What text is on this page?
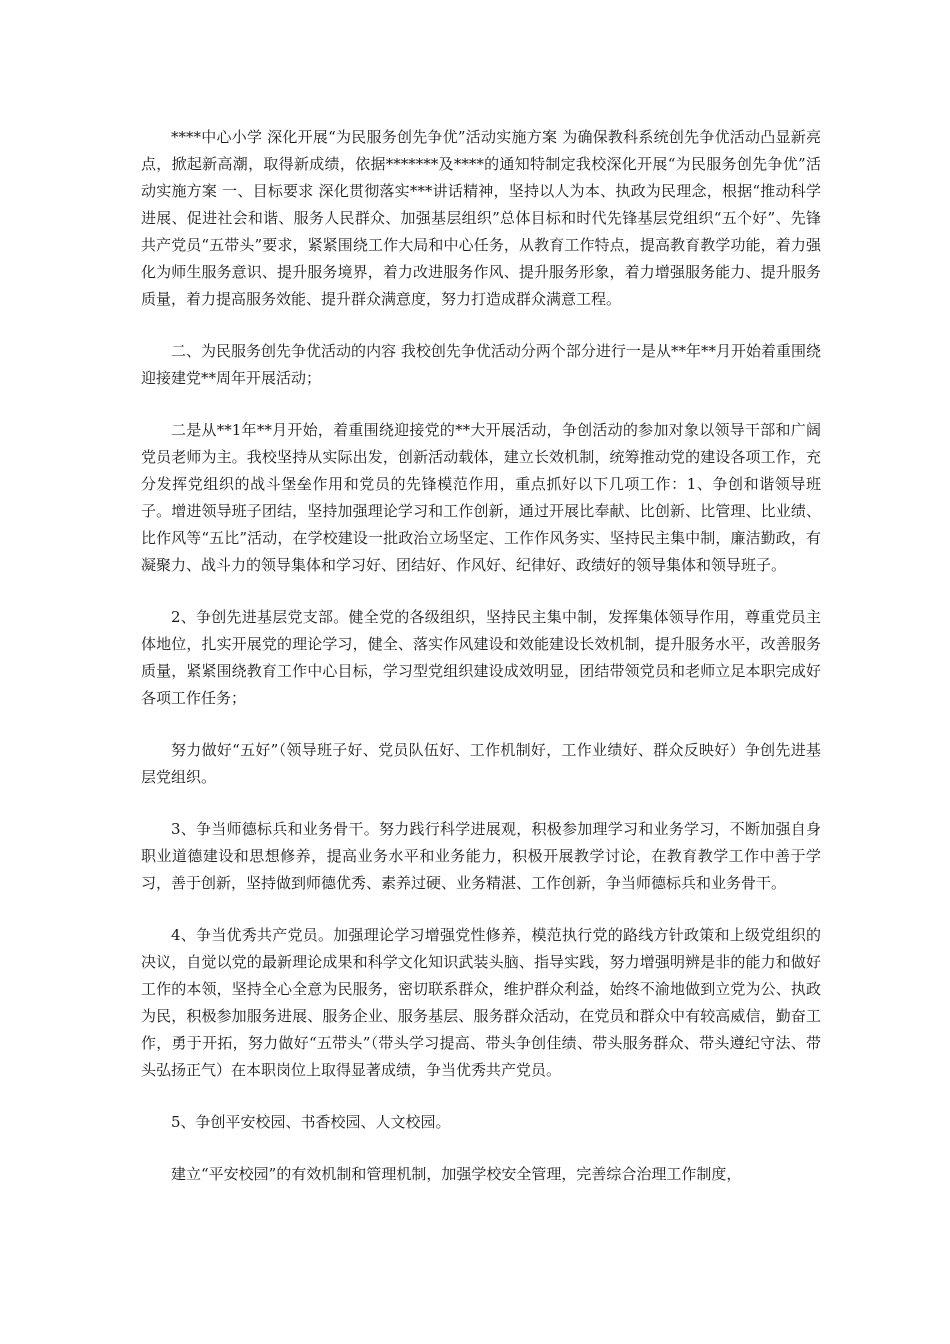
****中心小学 深化开展“为民服务创先争优”活动实施方案 为确保教科系统创先争优活动凸显新亮点，掀起新高潮，取得新成绩，依据*******及****的通知特制定我校深化开展“为民服务创先争优”活动实施方案 一、目标要求 深化贯彻落实***讲话精神，坚持以人为本、执政为民理念，根据“推动科学进展、促进社会和谐、服务人民群众、加强基层组织”总体目标和时代先锋基层党组织“五个好”、先锋共产党员“五带头”要求，紧紧围绕工作大局和中心任务，从教育工作特点，提高教育教学功能，着力强化为师生服务意识、提升服务境界，着力改进服务作风、提升服务形象，着力增强服务能力、提升服务质量，着力提高服务效能、提升群众满意度，努力打造成群众满意工程。

二、为民服务创先争优活动的内容 我校创先争优活动分两个部分进行一是从**年**月开始着重围绕迎接建党**周年开展活动；

二是从**1年**月开始，着重围绕迎接党的**大开展活动，争创活动的参加对象以领导干部和广阔党员老师为主。我校坚持从实际出发，创新活动载体，建立长效机制，统筹推动党的建设各项工作，充分发挥党组织的战斗堡垒作用和党员的先锋模范作用，重点抓好以下几项工作：1、争创和谐领导班子。增进领导班子团结，坚持加强理论学习和工作创新，通过开展比奉献、比创新、比管理、比业绩、比作风等“五比”活动，在学校建设一批政治立场坚定、工作作风务实、坚持民主集中制，廉洁勤政，有凝聚力、战斗力的领导集体和学习好、团结好、作风好、纪律好、政绩好的领导集体和领导班子。

2、争创先进基层党支部。健全党的各级组织，坚持民主集中制，发挥集体领导作用，尊重党员主体地位，扎实开展党的理论学习，健全、落实作风建设和效能建设长效机制，提升服务水平，改善服务质量，紧紧围绕教育工作中心目标，学习型党组织建设成效明显，团结带领党员和老师立足本职完成好各项工作任务；

努力做好“五好”（领导班子好、党员队伍好、工作机制好，工作业绩好、群众反映好）争创先进基层党组织。

3、争当师德标兵和业务骨干。努力践行科学进展观，积极参加理学习和业务学习，不断加强自身职业道德建设和思想修养，提高业务水平和业务能力，积极开展教学讨论，在教育教学工作中善于学习，善于创新，坚持做到师德优秀、素养过硬、业务精湛、工作创新，争当师德标兵和业务骨干。

4、争当优秀共产党员。加强理论学习增强党性修养，模范执行党的路线方针政策和上级党组织的决议，自觉以党的最新理论成果和科学文化知识武装头脑、指导实践，努力增强明辨是非的能力和做好工作的本领，坚持全心全意为民服务，密切联系群众，维护群众利益，始终不渝地做到立党为公、执政为民，积极参加服务进展、服务企业、服务基层、服务群众活动，在党员和群众中有较高威信，勤奋工作，勇于开拓，努力做好“五带头”（带头学习提高、带头争创佳绩、带头服务群众、带头遵纪守法、带头弘扬正气）在本职岗位上取得显著成绩，争当优秀共产党员。

5、争创平安校园、书香校园、人文校园。

建立“平安校园”的有效机制和管理机制，加强学校安全管理，完善综合治理工作制度，
